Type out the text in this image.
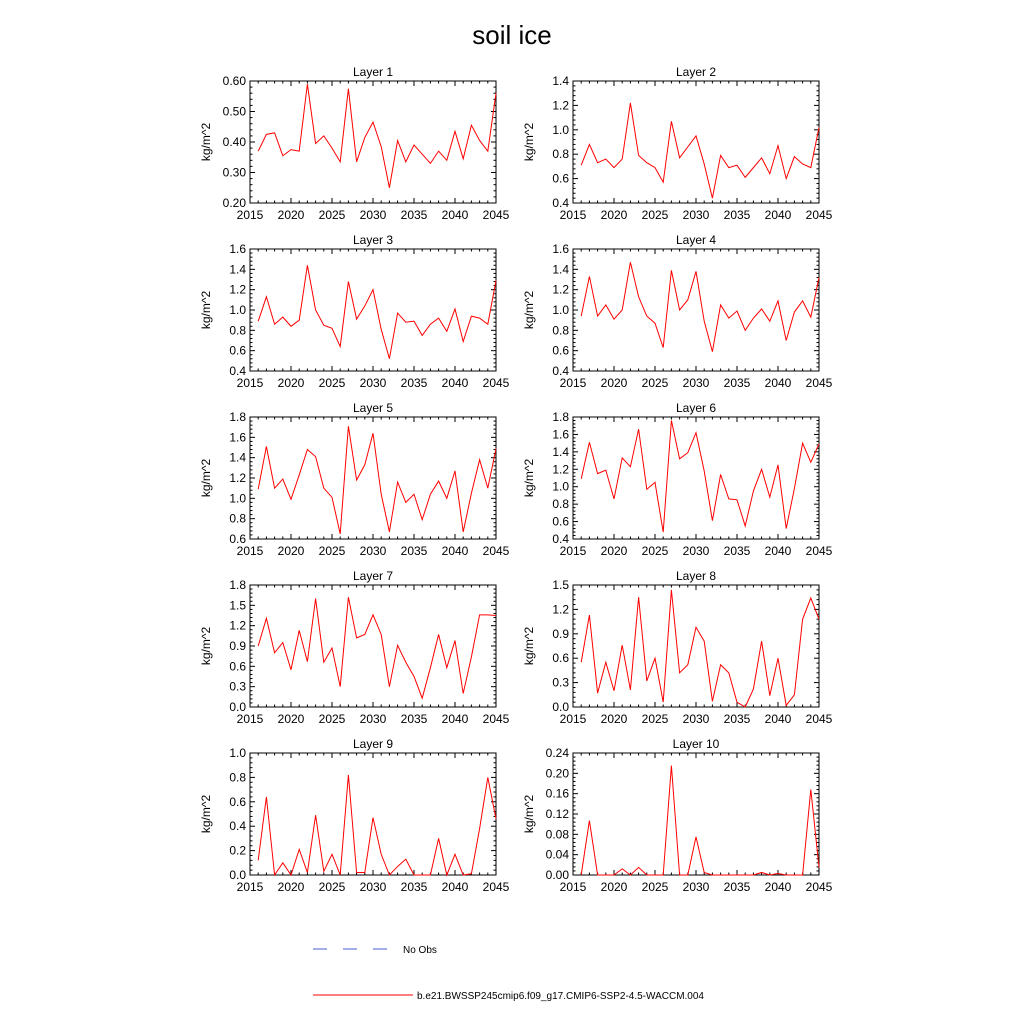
soil ice
Layer 1
2015 2020 2025 2030 2035 2040 2045
0.20
0.30
0.40
0.50
0.60
kg/m^2
Layer 2
2015 2020 2025 2030 2035 2040 2045
0.4
0.6
0.8
1.0
1.2
1.4
kg/m^2
Layer 3
2015 2020 2025 2030 2035 2040 2045
0.4
0.6
0.8
1.0
1.2
1.4
1.6
kg/m^2
Layer 4
2015 2020 2025 2030 2035 2040 2045
0.4
0.6
0.8
1.0
1.2
1.4
1.6
kg/m^2
Layer 5
2015 2020 2025 2030 2035 2040 2045
0.6
0.8
1.0
1.2
1.4
1.6
1.8
kg/m^2
Layer 6
2015 2020 2025 2030 2035 2040 2045
0.4
0.6
0.8
1.0
1.2
1.4
1.6
1.8
kg/m^2
Layer 7
2015 2020 2025 2030 2035 2040 2045
0.0
0.3
0.6
0.9
1.2
1.5
1.8
kg/m^2
Layer 8
2015 2020 2025 2030 2035 2040 2045
0.0
0.3
0.6
0.9
1.2
1.5
kg/m^2
Layer 9
2015 2020 2025 2030 2035 2040 2045
0.0
0.2
0.4
0.6
0.8
1.0
kg/m^2
Layer 10
2015 2020 2025 2030 2035 2040 2045
0.00
0.04
0.08
0.12
0.16
0.20
0.24
kg/m^2
No Obs
b.e21.BWSSP245cmip6.f09_g17.CMIP6-SSP2-4.5-WACCM.004
